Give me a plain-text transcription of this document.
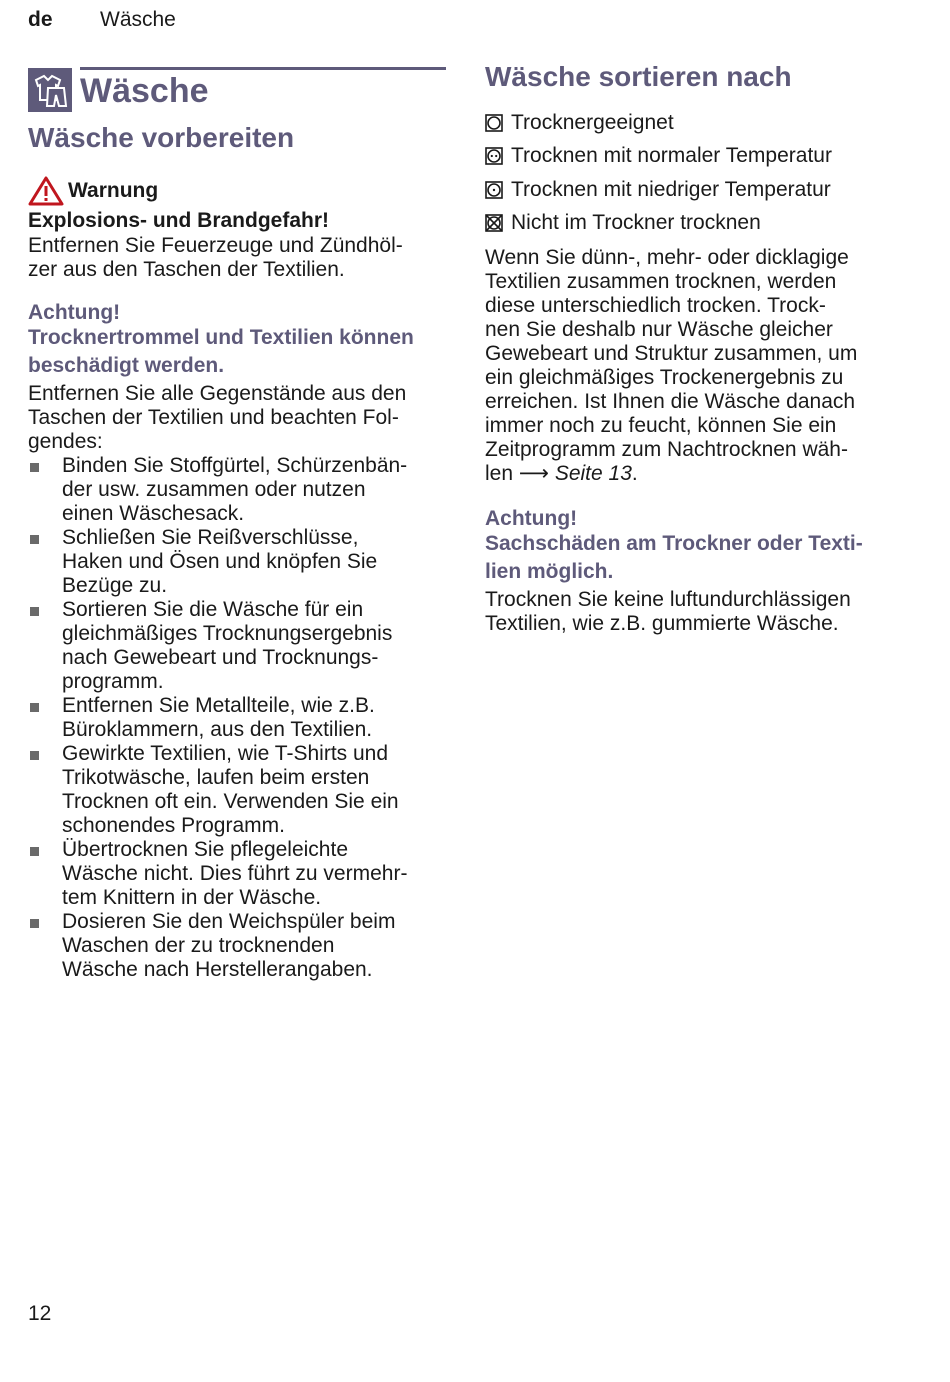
de Wäsche
Wäsche
Wäsche vorbereiten
Warnung
Explosions- und Brandgefahr!
Entfernen Sie Feuerzeuge und Zündhöl-
zer aus den Taschen der Textilien.
Achtung!
Trocknertrommel und Textilien können
beschädigt werden.
Entfernen Sie alle Gegenstände aus den
Taschen der Textilien und beachten Fol-
gendes:
Binden Sie Stoffgürtel, Schürzenbän-
der usw. zusammen oder nutzen
einen Wäschesack.
Schließen Sie Reißverschlüsse,
Haken und Ösen und knöpfen Sie
Bezüge zu.
Sortieren Sie die Wäsche für ein
gleichmäßiges Trocknungsergebnis
nach Gewebeart und Trocknungs-
programm.
Entfernen Sie Metallteile, wie z.B.
Büroklammern, aus den Textilien.
Gewirkte Textilien, wie T-Shirts und
Trikotwäsche, laufen beim ersten
Trocknen oft ein. Verwenden Sie ein
schonendes Programm.
Übertrocknen Sie pflegeleichte
Wäsche nicht. Dies führt zu vermehr-
tem Knittern in der Wäsche.
Dosieren Sie den Weichspüler beim
Waschen der zu trocknenden
Wäsche nach Herstellerangaben.
Wäsche sortieren nach
Trocknergeeignet
Trocknen mit normaler Temperatur
Trocknen mit niedriger Temperatur
Nicht im Trockner trocknen
Wenn Sie dünn-, mehr- oder dicklagige
Textilien zusammen trocknen, werden
diese unterschiedlich trocken. Trock-
nen Sie deshalb nur Wäsche gleicher
Gewebeart und Struktur zusammen, um
ein gleichmäßiges Trockenergebnis zu
erreichen. Ist Ihnen die Wäsche danach
immer noch zu feucht, können Sie ein
Zeitprogramm zum Nachtrocknen wäh-
len ⟶ Seite 13.
Achtung!
Sachschäden am Trockner oder Texti-
lien möglich.
Trocknen Sie keine luftundurchlässigen
Textilien, wie z.B. gummierte Wäsche.
12
